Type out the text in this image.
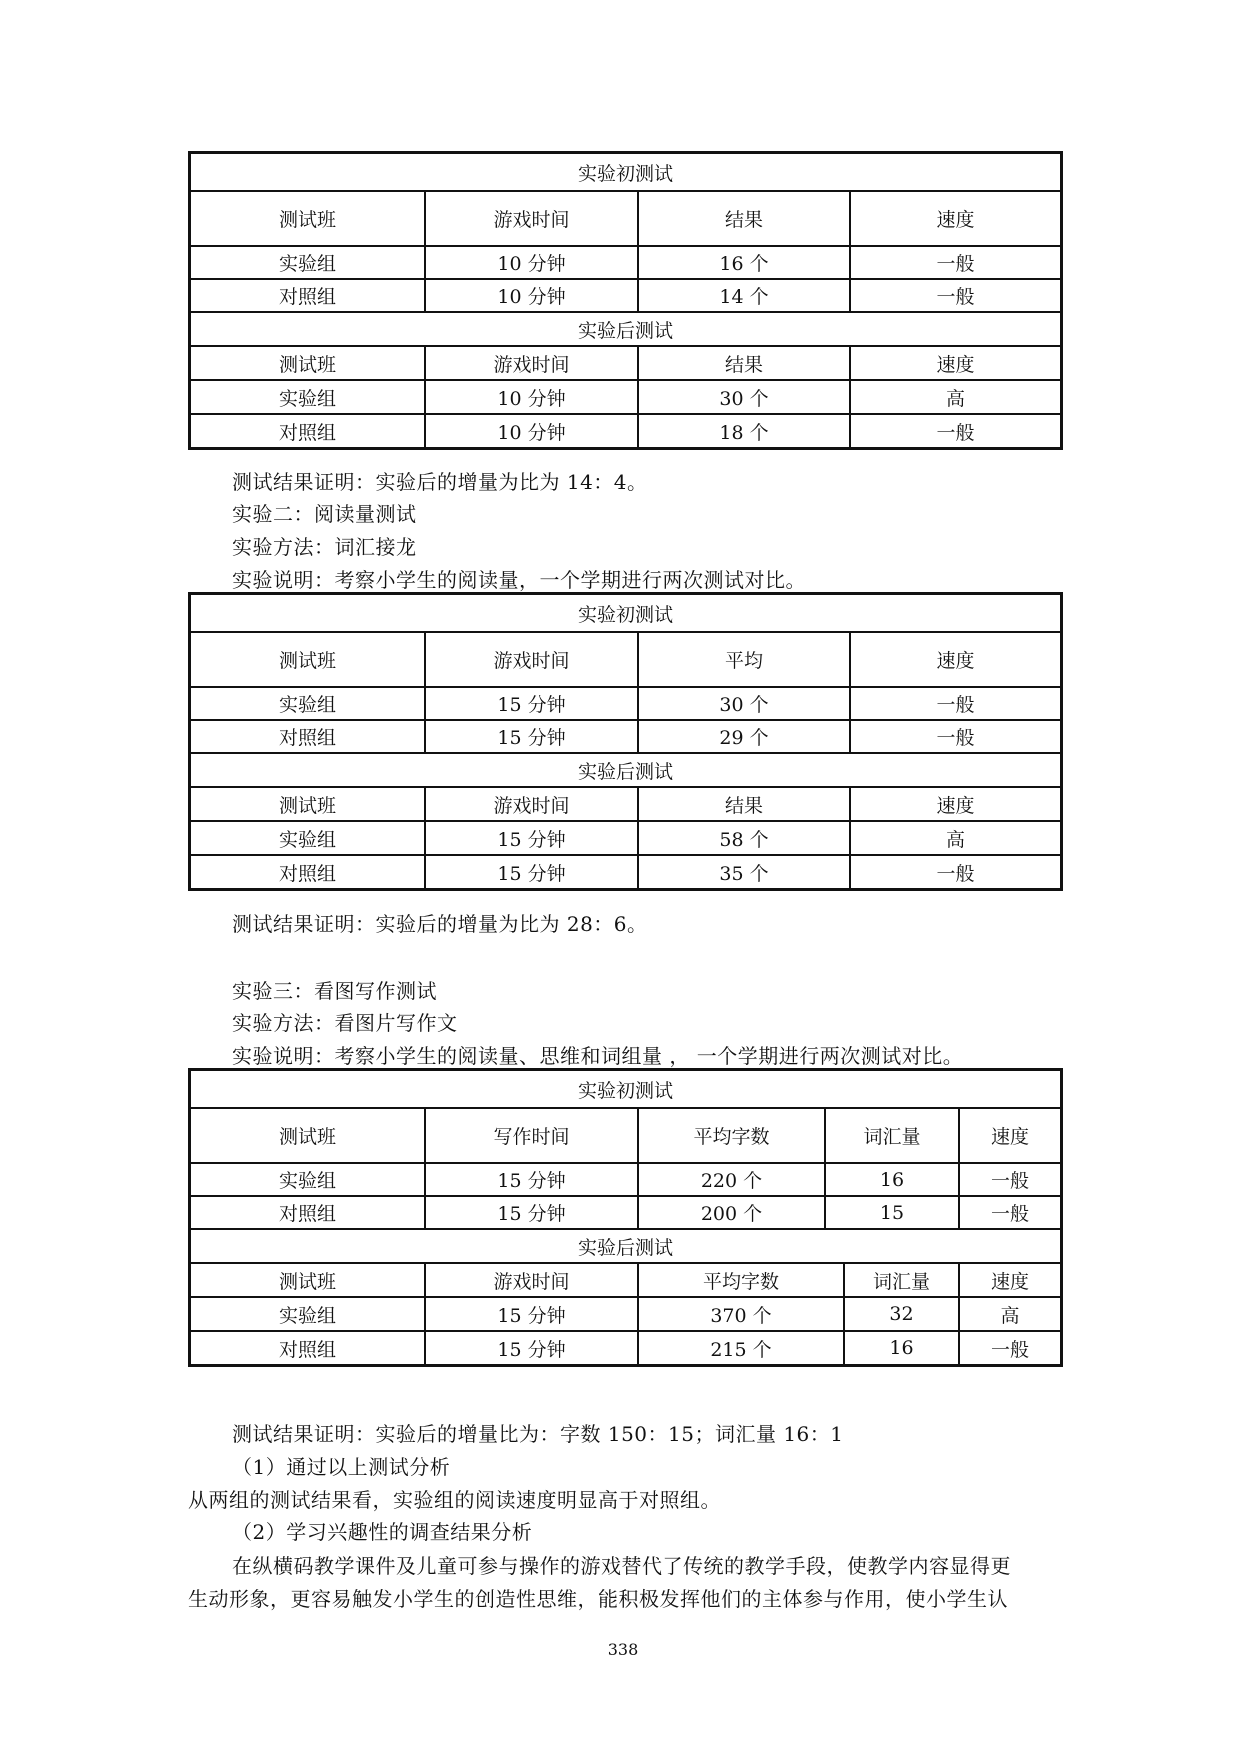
实验初测试
测试班	游戏时间	结果	速度
实验组	10 分钟	16 个	一般
对照组	10 分钟	14 个	一般
实验后测试
测试班	游戏时间	结果	速度
实验组	10 分钟	30 个	高
对照组	10 分钟	18 个	一般
测试结果证明：实验后的增量为比为 14：4。
实验二：阅读量测试
实验方法：词汇接龙
实验说明：考察小学生的阅读量，一个学期进行两次测试对比。
实验初测试
测试班	游戏时间	平均	速度
实验组	15 分钟	30 个	一般
对照组	15 分钟	29 个	一般
实验后测试
测试班	游戏时间	结果	速度
实验组	15 分钟	58 个	高
对照组	15 分钟	35 个	一般
测试结果证明：实验后的增量为比为 28：6。
实验三：看图写作测试
实验方法：看图片写作文
实验说明：考察小学生的阅读量、思维和词组量 ， 一个学期进行两次测试对比。
实验初测试
测试班	写作时间	平均字数	词汇量	速度
实验组	15 分钟	220 个	16	一般
对照组	15 分钟	200 个	15	一般
实验后测试
测试班	游戏时间	平均字数	词汇量	速度
实验组	15 分钟	370 个	32	高
对照组	15 分钟	215 个	16	一般
测试结果证明：实验后的增量比为：字数 150：15；词汇量 16：1
（1）通过以上测试分析
从两组的测试结果看，实验组的阅读速度明显高于对照组。
（2）学习兴趣性的调查结果分析
在纵横码教学课件及儿童可参与操作的游戏替代了传统的教学手段，使教学内容显得更
生动形象，更容易触发小学生的创造性思维，能积极发挥他们的主体参与作用，使小学生认
338
